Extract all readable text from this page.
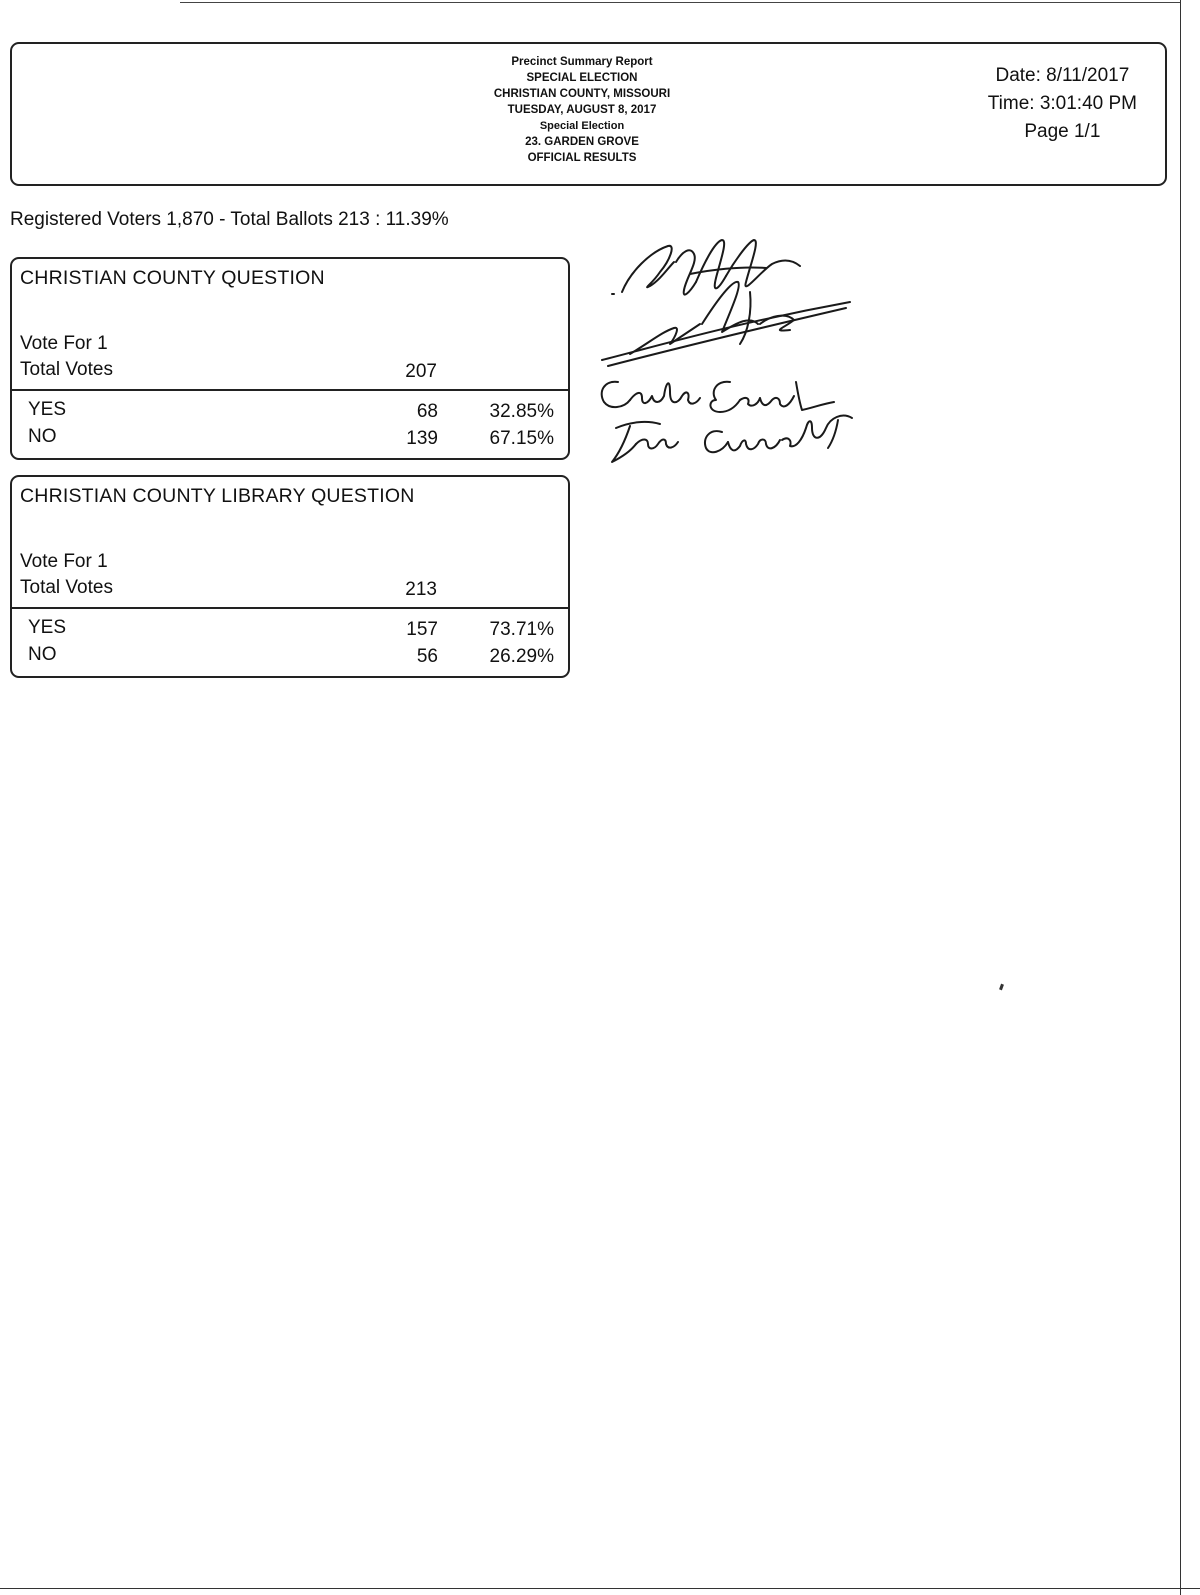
Precinct Summary Report
SPECIAL ELECTION
CHRISTIAN COUNTY, MISSOURI
TUESDAY, AUGUST 8, 2017
Special Election
23. GARDEN GROVE
OFFICIAL RESULTS
Date: 8/11/2017
Time: 3:01:40 PM
Page 1/1
Registered Voters 1,870 - Total Ballots 213 : 11.39%
CHRISTIAN COUNTY QUESTION
Vote For 1
Total Votes	207
YES	68	32.85%
NO	139	67.15%
CHRISTIAN COUNTY LIBRARY QUESTION
Vote For 1
Total Votes	213
YES	157	73.71%
NO	56	26.29%
